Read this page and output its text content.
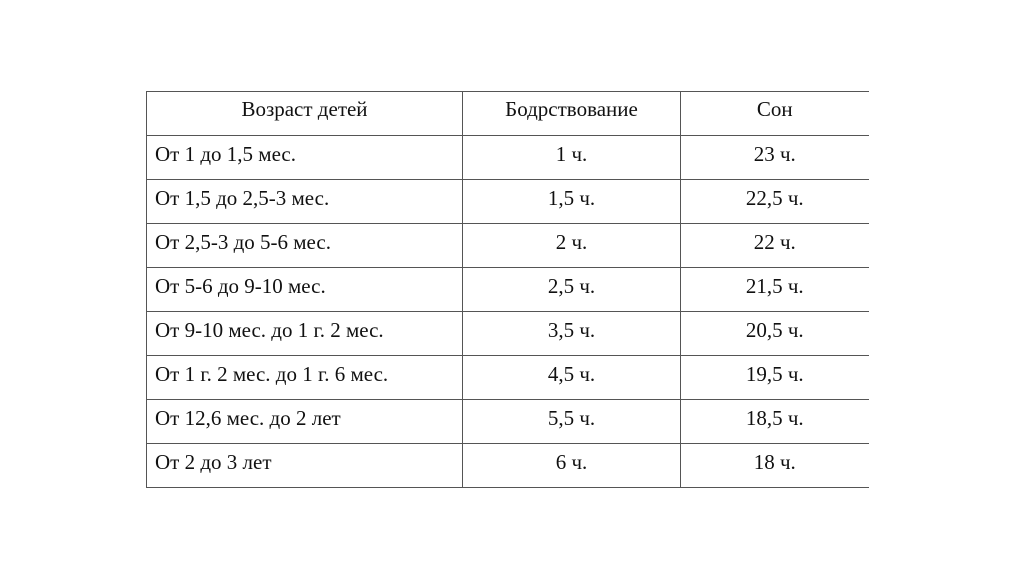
Возраст детей	Бодрствование	Сон
От 1 до 1,5 мес.	1 ч.	23 ч.
От 1,5 до 2,5-3 мес.	1,5 ч.	22,5 ч.
От 2,5-3 до 5-6 мес.	2 ч.	22 ч.
От 5-6 до 9-10 мес.	2,5 ч.	21,5 ч.
От 9-10 мес. до 1 г. 2 мес.	3,5 ч.	20,5 ч.
От 1 г. 2 мес. до 1 г. 6 мес.	4,5 ч.	19,5 ч.
От 12,6 мес. до 2 лет	5,5 ч.	18,5 ч.
От 2 до 3 лет	6 ч.	18 ч.
